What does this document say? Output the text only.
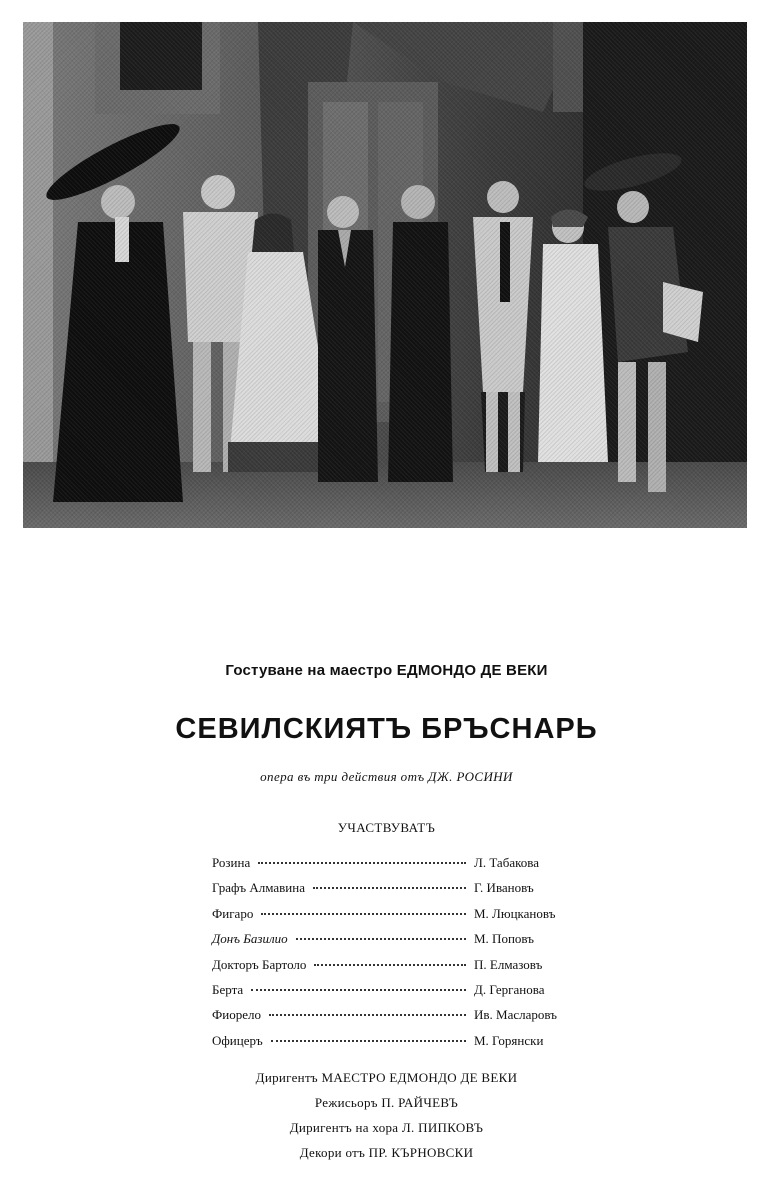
Гостуване на маестро ЕДМОНДО ДЕ ВЕКИ
СЕВИЛСКИЯТЪ БРЪСНАРЬ
опера въ три действия отъ ДЖ. РОСИНИ
УЧАСТВУВАТЪ
Розина	Л. Табакова
Графъ Алмавина	Г. Ивановъ
Фигаро	М. Люцкановъ
Донъ Базилио	М. Поповъ
Докторъ Бартоло	П. Елмазовъ
Берта	Д. Герганова
Фиорело	Ив. Масларовъ
Офицеръ	М. Горянски
Диригентъ МАЕСТРО ЕДМОНДО ДЕ ВЕКИ
Режисьоръ П. РАЙЧЕВЪ
Диригентъ на хора Л. ПИПКОВЪ
Декори отъ ПР. КЪРНОВСКИ
